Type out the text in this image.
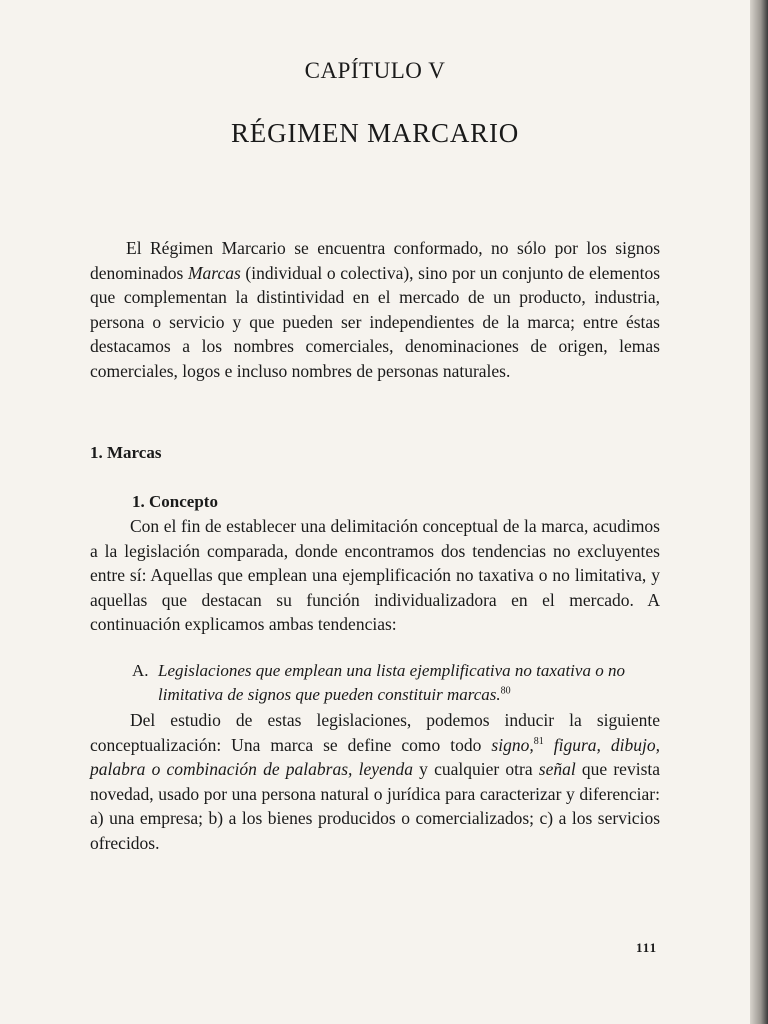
CAPÍTULO V
RÉGIMEN MARCARIO
El Régimen Marcario se encuentra conformado, no sólo por los signos denominados Marcas (individual o colectiva), sino por un conjunto de elementos que complementan la distintividad en el mercado de un producto, industria, persona o servicio y que pueden ser independientes de la marca; entre éstas destacamos a los nombres comerciales, denominaciones de origen, lemas comerciales, logos e incluso nombres de personas naturales.
1. Marcas
1. Concepto
Con el fin de establecer una delimitación conceptual de la marca, acudimos a la legislación comparada, donde encontramos dos tendencias no excluyentes entre sí: Aquellas que emplean una ejemplificación no taxativa o no limitativa, y aquellas que destacan su función individualizadora en el mercado. A continuación explicamos ambas tendencias:
A. Legislaciones que emplean una lista ejemplificativa no taxativa o no limitativa de signos que pueden constituir marcas.$^{80}$
Del estudio de estas legislaciones, podemos inducir la siguiente conceptualización: Una marca se define como todo signo,$^{81}$ figura, dibujo, palabra o combinación de palabras, leyenda y cualquier otra señal que revista novedad, usado por una persona natural o jurídica para caracterizar y diferenciar: a) una empresa; b) a los bienes producidos o comercializados; c) a los servicios ofrecidos.
111
